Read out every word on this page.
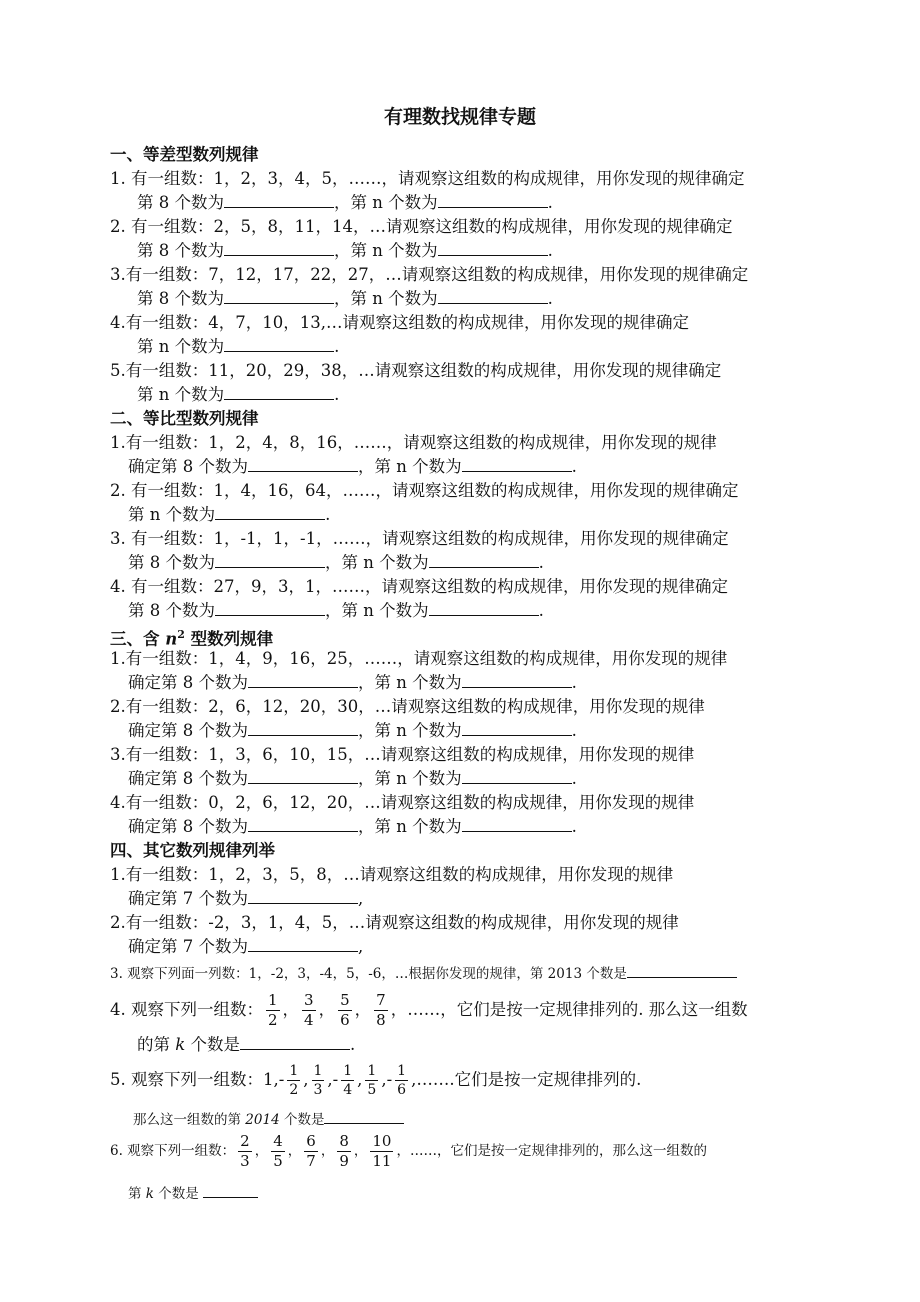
有理数找规律专题
一、等差型数列规律
1. 有一组数：1，2，3，4，5，……，请观察这组数的构成规律，用你发现的规律确定
第 8 个数为	，第 n 个数为	.
2. 有一组数：2，5，8，11，14，…请观察这组数的构成规律，用你发现的规律确定
第 8 个数为	，第 n 个数为	.
3.有一组数：7，12，17，22，27，…请观察这组数的构成规律，用你发现的规律确定
第 8 个数为	，第 n 个数为	.
4.有一组数：4，7，10，13,…请观察这组数的构成规律，用你发现的规律确定
第 n 个数为	.
5.有一组数：11，20，29，38，…请观察这组数的构成规律，用你发现的规律确定
第 n 个数为	.
二、等比型数列规律
1.有一组数：1，2，4，8，16，……，请观察这组数的构成规律，用你发现的规律
确定第 8 个数为	，第 n 个数为	.
2. 有一组数：1，4，16，64，……，请观察这组数的构成规律，用你发现的规律确定
第 n 个数为	.
3. 有一组数：1，-1，1，-1，……，请观察这组数的构成规律，用你发现的规律确定
第 8 个数为	，第 n 个数为	.
4. 有一组数：27，9，3，1，……，请观察这组数的构成规律，用你发现的规律确定
第 8 个数为	，第 n 个数为	.
三、含 $n^2$ 型数列规律
1.有一组数：1，4，9，16，25，……，请观察这组数的构成规律，用你发现的规律
确定第 8 个数为	，第 n 个数为	.
2.有一组数：2，6，12，20，30，…请观察这组数的构成规律，用你发现的规律
确定第 8 个数为	，第 n 个数为	.
3.有一组数：1，3，6，10，15，…请观察这组数的构成规律，用你发现的规律
确定第 8 个数为	，第 n 个数为	.
4.有一组数：0，2，6，12，20，…请观察这组数的构成规律，用你发现的规律
确定第 8 个数为	，第 n 个数为	.
四、其它数列规律列举
1.有一组数：1，2，3，5，8，…请观察这组数的构成规律，用你发现的规律
确定第 7 个数为	,
2.有一组数：-2，3，1，4，5，…请观察这组数的构成规律，用你发现的规律
确定第 7 个数为	,
3. 观察下列面一列数：1，-2，3，-4，5，-6，…根据你发现的规律，第 2013 个数是
4. 观察下列一组数： $\frac{1}{2}$ ， $\frac{3}{4}$ ， $\frac{5}{6}$ ， $\frac{7}{8}$ ，……，它们是按一定规律排列的. 那么这一组数
的第 k 个数是	.
5. 观察下列一组数：$1,- \frac{1}{2}$ , $\frac{1}{3}$ ,- $\frac{1}{4}$ , $\frac{1}{5}$ ,- $\frac{1}{6}$ ,…….它们是按一定规律排列的.
那么这一组数的第 2014 个数是
6. 观察下列一组数： $\frac{2}{3}$ ， $\frac{4}{5}$ ， $\frac{6}{7}$ ， $\frac{8}{9}$ ， $\frac{10}{11}$ ，……，它们是按一定规律排列的，那么这一组数的
第 k 个数是
